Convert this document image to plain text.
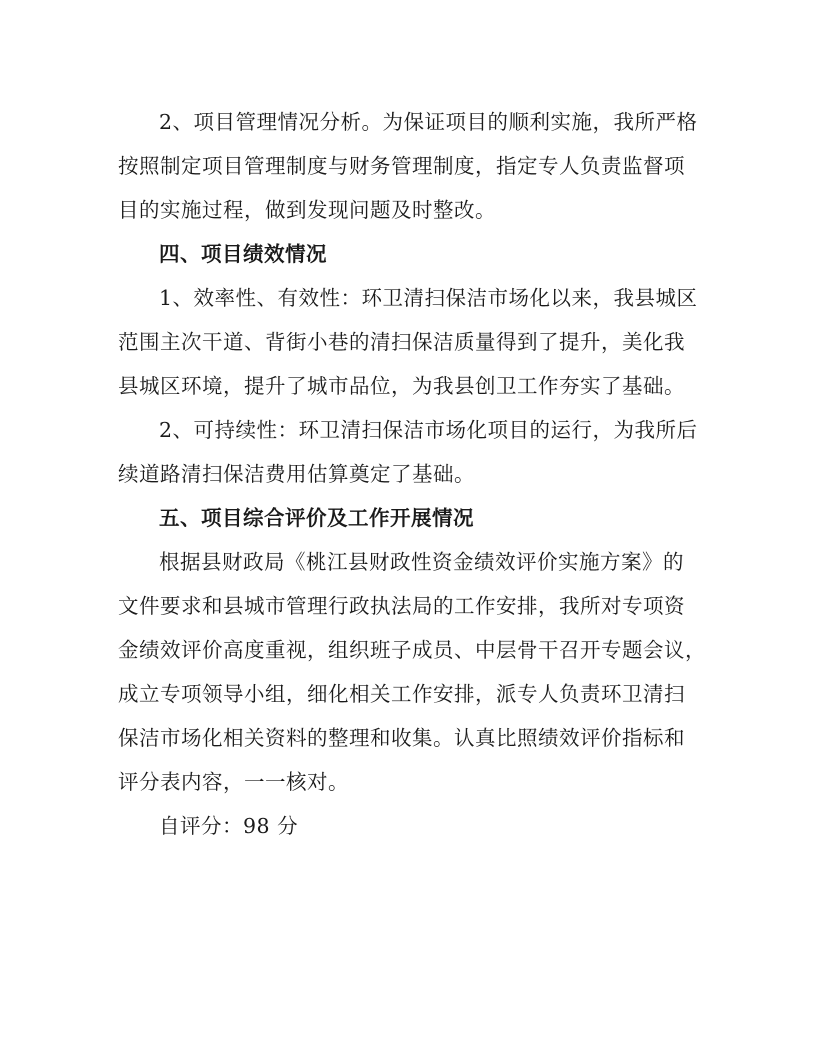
2、项目管理情况分析。为保证项目的顺利实施，我所严格
按照制定项目管理制度与财务管理制度，指定专人负责监督项
目的实施过程，做到发现问题及时整改。
四、项目绩效情况
1、效率性、有效性：环卫清扫保洁市场化以来，我县城区
范围主次干道、背街小巷的清扫保洁质量得到了提升，美化我
县城区环境，提升了城市品位，为我县创卫工作夯实了基础。
2、可持续性：环卫清扫保洁市场化项目的运行，为我所后
续道路清扫保洁费用估算奠定了基础。
五、项目综合评价及工作开展情况
根据县财政局《桃江县财政性资金绩效评价实施方案》的
文件要求和县城市管理行政执法局的工作安排，我所对专项资
金绩效评价高度重视，组织班子成员、中层骨干召开专题会议，
成立专项领导小组，细化相关工作安排，派专人负责环卫清扫
保洁市场化相关资料的整理和收集。认真比照绩效评价指标和
评分表内容，一一核对。
自评分：98 分
